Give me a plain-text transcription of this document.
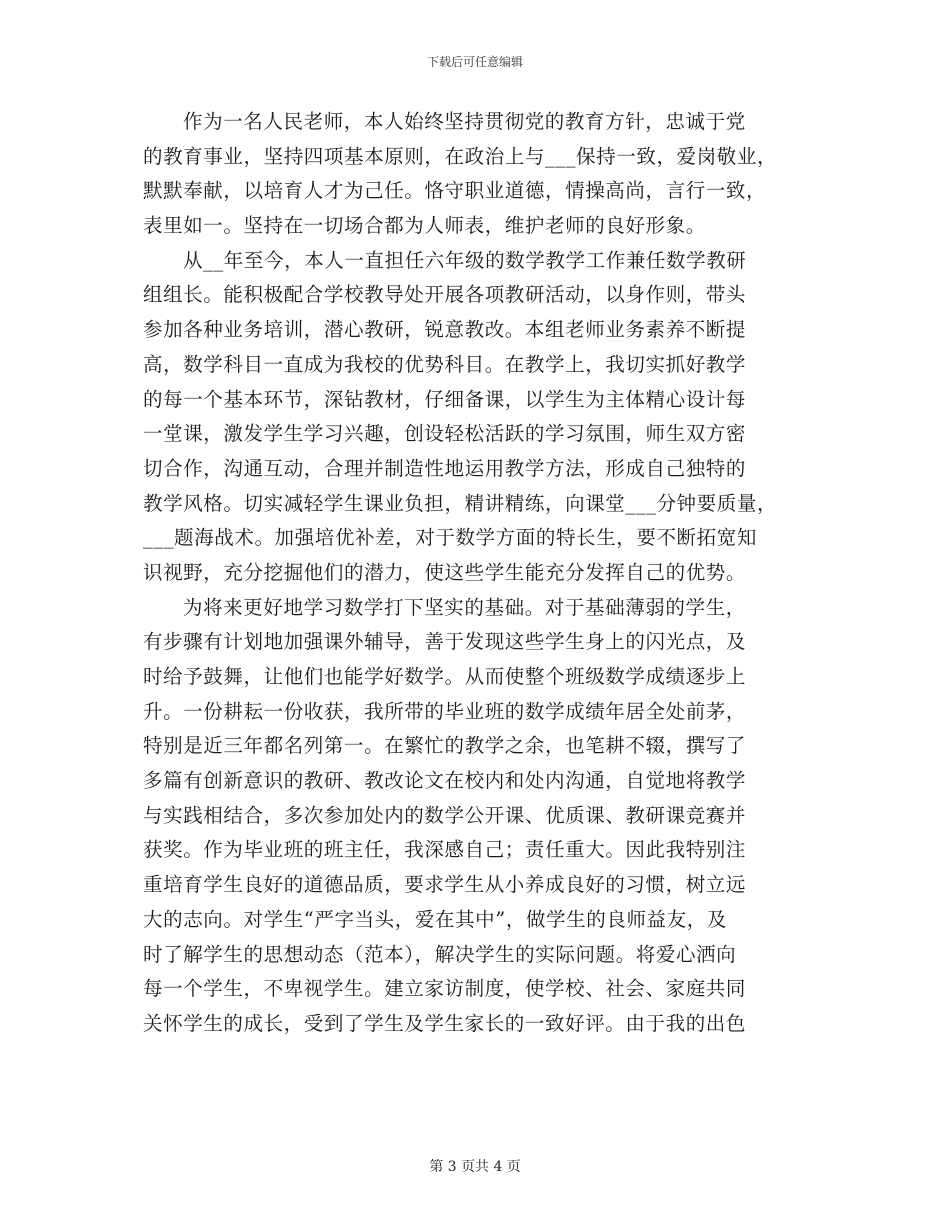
下载后可任意编辑
作为一名人民老师，本人始终坚持贯彻党的教育方针，忠诚于党
的教育事业，坚持四项基本原则，在政治上与___保持一致，爱岗敬业，
默默奉献，以培育人才为己任。恪守职业道德，情操高尚，言行一致，
表里如一。坚持在一切场合都为人师表，维护老师的良好形象。
从__年至今，本人一直担任六年级的数学教学工作兼任数学教研
组组长。能积极配合学校教导处开展各项教研活动，以身作则，带头
参加各种业务培训，潜心教研，锐意教改。本组老师业务素养不断提
高，数学科目一直成为我校的优势科目。在教学上，我切实抓好教学
的每一个基本环节，深钻教材，仔细备课，以学生为主体精心设计每
一堂课，激发学生学习兴趣，创设轻松活跃的学习氛围，师生双方密
切合作，沟通互动，合理并制造性地运用教学方法，形成自己独特的
教学风格。切实减轻学生课业负担，精讲精练，向课堂___分钟要质量，
___题海战术。加强培优补差，对于数学方面的特长生，要不断拓宽知
识视野，充分挖掘他们的潜力，使这些学生能充分发挥自己的优势。
为将来更好地学习数学打下坚实的基础。对于基础薄弱的学生，
有步骤有计划地加强课外辅导，善于发现这些学生身上的闪光点，及
时给予鼓舞，让他们也能学好数学。从而使整个班级数学成绩逐步上
升。一份耕耘一份收获，我所带的毕业班的数学成绩年居全处前茅，
特别是近三年都名列第一。在繁忙的教学之余，也笔耕不辍，撰写了
多篇有创新意识的教研、教改论文在校内和处内沟通，自觉地将教学
与实践相结合，多次参加处内的数学公开课、优质课、教研课竞赛并
获奖。作为毕业班的班主任，我深感自己；责任重大。因此我特别注
重培育学生良好的道德品质，要求学生从小养成良好的习惯，树立远
大的志向。对学生“严字当头，爱在其中”，做学生的良师益友，及
时了解学生的思想动态（范本），解决学生的实际问题。将爱心洒向
每一个学生，不卑视学生。建立家访制度，使学校、社会、家庭共同
关怀学生的成长，受到了学生及学生家长的一致好评。由于我的出色
第 3 页共 4 页
